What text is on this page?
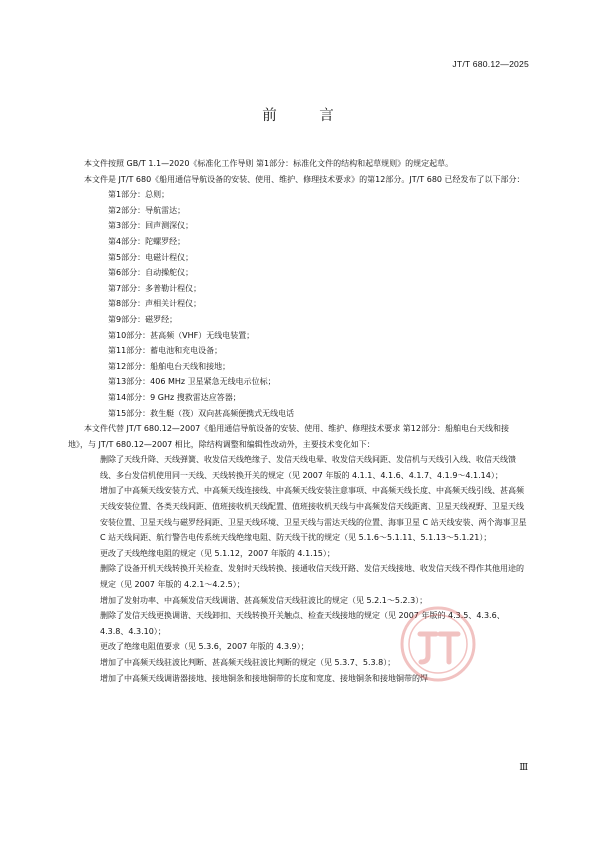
JT/T 680.12—2025
前 言

本文件按照 GB/T 1.1—2020《标准化工作导则 第1部分：标准化文件的结构和起草规则》的规定起草。

本文件是 JT/T 680《船用通信导航设备的安装、使用、维护、修理技术要求》的第12部分。JT/T 680 已经发布了以下部分：

第1部分：总则；

第2部分：导航雷达；

第3部分：回声测深仪；

第4部分：陀螺罗经；

第5部分：电磁计程仪；

第6部分：自动操舵仪；

第7部分：多普勒计程仪；

第8部分：声相关计程仪；

第9部分：磁罗经；

第10部分：甚高频（VHF）无线电装置；

第11部分：蓄电池和充电设备；

第12部分：船舶电台天线和接地；

第13部分：406 MHz 卫星紧急无线电示位标；

第14部分：9 GHz 搜救雷达应答器；

第15部分：救生艇（筏）双向甚高频便携式无线电话

本文件代替 JT/T 680.12—2007《船用通信导航设备的安装、使用、维护、修理技术要求 第12部分：船舶电台天线和接地》，与 JT/T 680.12—2007 相比，除结构调整和编辑性改动外，主要技术变化如下：

删除了天线升降、天线弹簧、收发信天线绝缘子、发信天线电晕、收发信天线间距、发信机与天线引入线、收信天线馈线、多台发信机使用同一天线、天线转换开关的规定（见 2007 年版的 4.1.1、4.1.6、4.1.7、4.1.9～4.1.14）；

增加了中高频天线安装方式、中高频天线连接线、中高频天线安装注意事项、中高频天线长度、中高频天线引线、甚高频天线安装位置、各类天线间距、值班接收机天线配置、值班接收机天线与中高频发信天线距离、卫星天线视野、卫星天线安装位置、卫星天线与磁罗经间距、卫星天线环境、卫星天线与雷达天线的位置、海事卫星 C 站天线安装、两个海事卫星 C 站天线间距、航行警告电传系统天线绝缘电阻、防天线干扰的规定（见 5.1.6～5.1.11、5.1.13～5.1.21）；

更改了天线绝缘电阻的规定（见 5.1.12，2007 年版的 4.1.15）；

删除了设备开机天线转换开关检查、发射时天线转换、接通收信天线开路、发信天线接地、收发信天线不得作其他用途的规定（见 2007 年版的 4.2.1～4.2.5）；

增加了发射功率、中高频发信天线调谐、甚高频发信天线驻波比的规定（见 5.2.1～5.2.3）；

删除了发信天线更换调谐、天线卸扣、天线转换开关触点、检查天线接地的规定（见 2007 年版的 4.3.5、4.3.6、4.3.8、4.3.10）；

更改了绝缘电阻值要求（见 5.3.6，2007 年版的 4.3.9）；

增加了中高频天线驻波比判断、甚高频天线驻波比判断的规定（见 5.3.7、5.3.8）；

增加了中高频天线调谐器接地、接地铜条和接地铜带的长度和宽度、接地铜条和接地铜带的焊

Ⅲ
